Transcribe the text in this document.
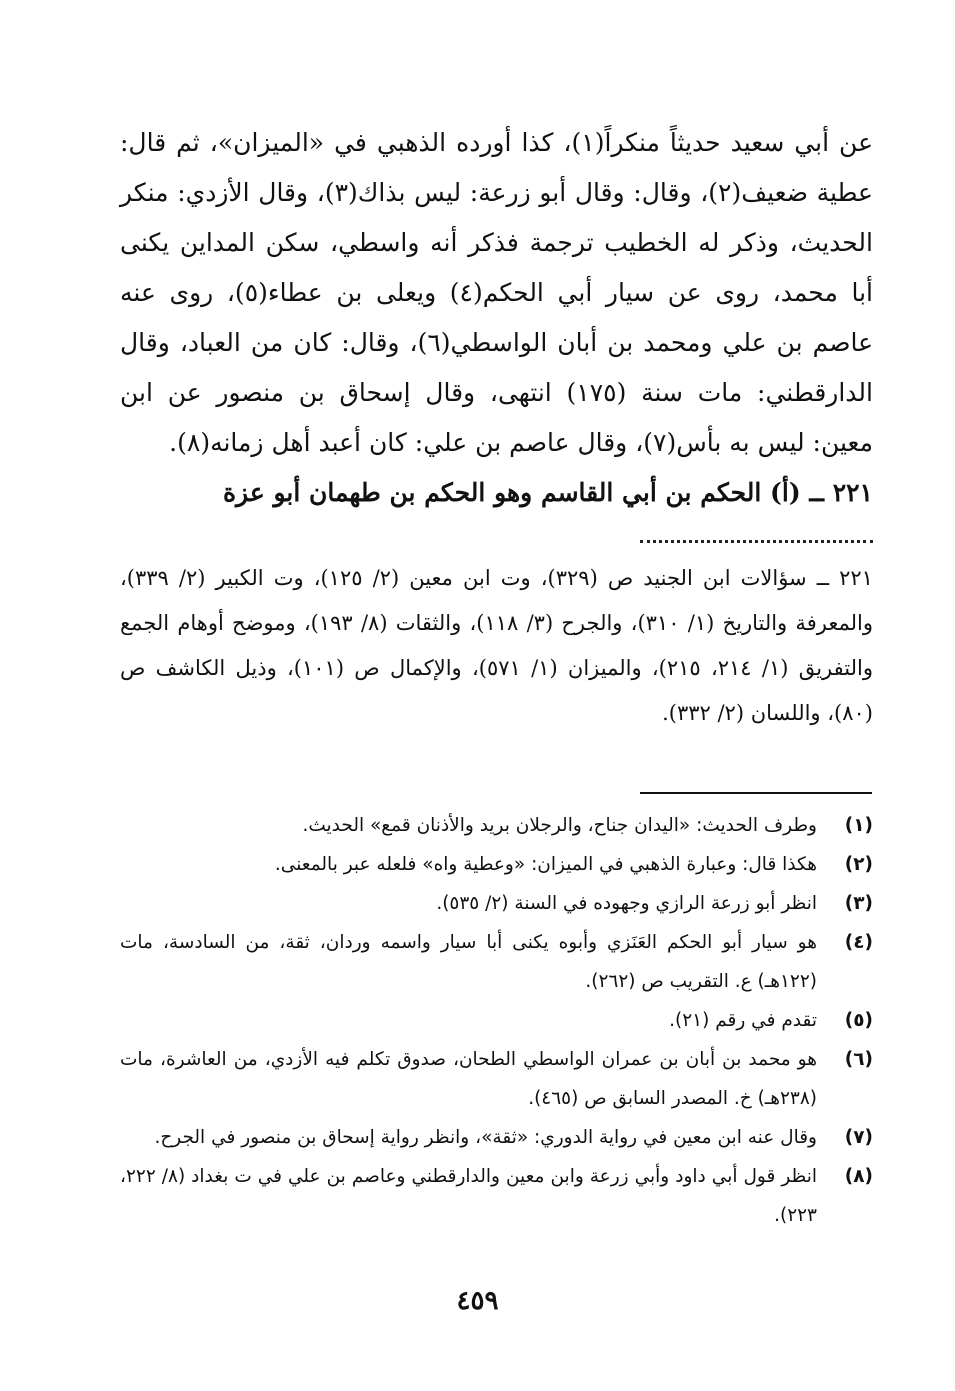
عن أبي سعيد حديثاً منكراً(١)، كذا أورده الذهبي في «الميزان»، ثم قال: عطية ضعيف(٢)، وقال: وقال أبو زرعة: ليس بذاك(٣)، وقال الأزدي: منكر الحديث، وذكر له الخطيب ترجمة فذكر أنه واسطي، سكن المداين يكنى أبا محمد، روى عن سيار أبي الحكم(٤) ويعلى بن عطاء(٥)، روى عنه عاصم بن علي ومحمد بن أبان الواسطي(٦)، وقال: كان من العباد، وقال الدارقطني: مات سنة (١٧٥) انتهى، وقال إسحاق بن منصور عن ابن معين: ليس به بأس(٧)، وقال عاصم بن علي: كان أعبد أهل زمانه(٨).

٢٢١ ــ (أ) الحكم بن أبي القاسم وهو الحكم بن طهمان أبو عزة

٢٢١ ــ سؤالات ابن الجنيد ص (٣٢٩)، وت ابن معين (٢/ ١٢٥)، وت الكبير (٢/ ٣٣٩)، والمعرفة والتاريخ (١/ ٣١٠)، والجرح (٣/ ١١٨)، والثقات (٨/ ١٩٣)، وموضح أوهام الجمع والتفريق (١/ ٢١٤، ٢١٥)، والميزان (١/ ٥٧١)، والإكمال ص (١٠١)، وذيل الكاشف ص (٨٠)، واللسان (٢/ ٣٣٢).

(١)
وطرف الحديث: «اليدان جناح، والرجلان بريد والأذنان قمع» الحديث.
(٢)
هكذا قال: وعبارة الذهبي في الميزان: «وعطية واه» فلعله عبر بالمعنى.
(٣)
انظر أبو زرعة الرازي وجهوده في السنة (٢/ ٥٣٥).
(٤)
هو سيار أبو الحكم العَنَزي وأبوه يكنى أبا سيار واسمه وردان، ثقة، من السادسة، مات (١٢٢هـ) ع. التقريب ص (٢٦٢).
(٥)
تقدم في رقم (٢١).
(٦)
هو محمد بن أبان بن عمران الواسطي الطحان، صدوق تكلم فيه الأزدي، من العاشرة، مات (٢٣٨هـ) خ. المصدر السابق ص (٤٦٥).
(٧)
وقال عنه ابن معين في رواية الدوري: «ثقة»، وانظر رواية إسحاق بن منصور في الجرح.
(٨)
انظر قول أبي داود وأبي زرعة وابن معين والدارقطني وعاصم بن علي في ت بغداد (٨/ ٢٢٢، ٢٢٣).
٤٥٩
